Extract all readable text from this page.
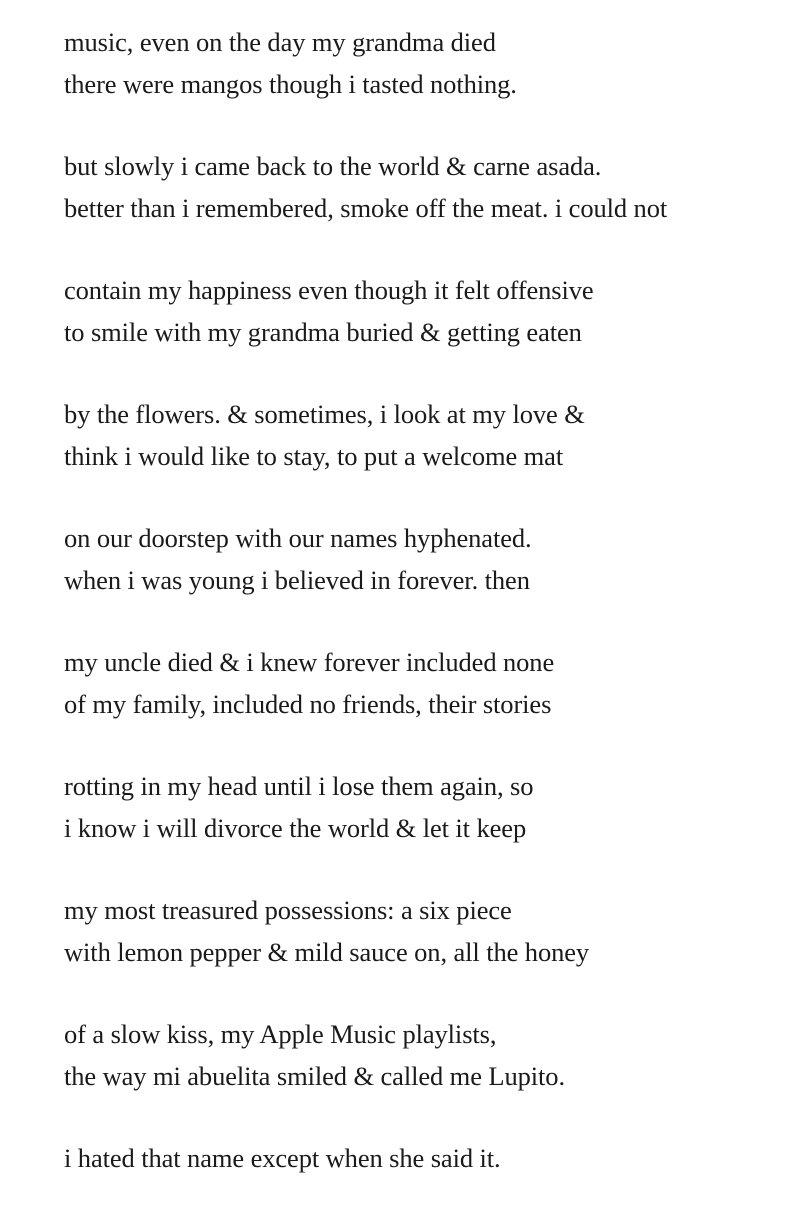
music, even on the day my grandma died
there were mangos though i tasted nothing.
but slowly i came back to the world & carne asada.
better than i remembered, smoke off the meat. i could not
contain my happiness even though it felt offensive
to smile with my grandma buried & getting eaten
by the flowers. & sometimes, i look at my love &
think i would like to stay, to put a welcome mat
on our doorstep with our names hyphenated.
when i was young i believed in forever. then
my uncle died & i knew forever included none
of my family, included no friends, their stories
rotting in my head until i lose them again, so
i know i will divorce the world & let it keep
my most treasured possessions: a six piece
with lemon pepper & mild sauce on, all the honey
of a slow kiss, my Apple Music playlists,
the way mi abuelita smiled & called me Lupito.
i hated that name except when she said it.
